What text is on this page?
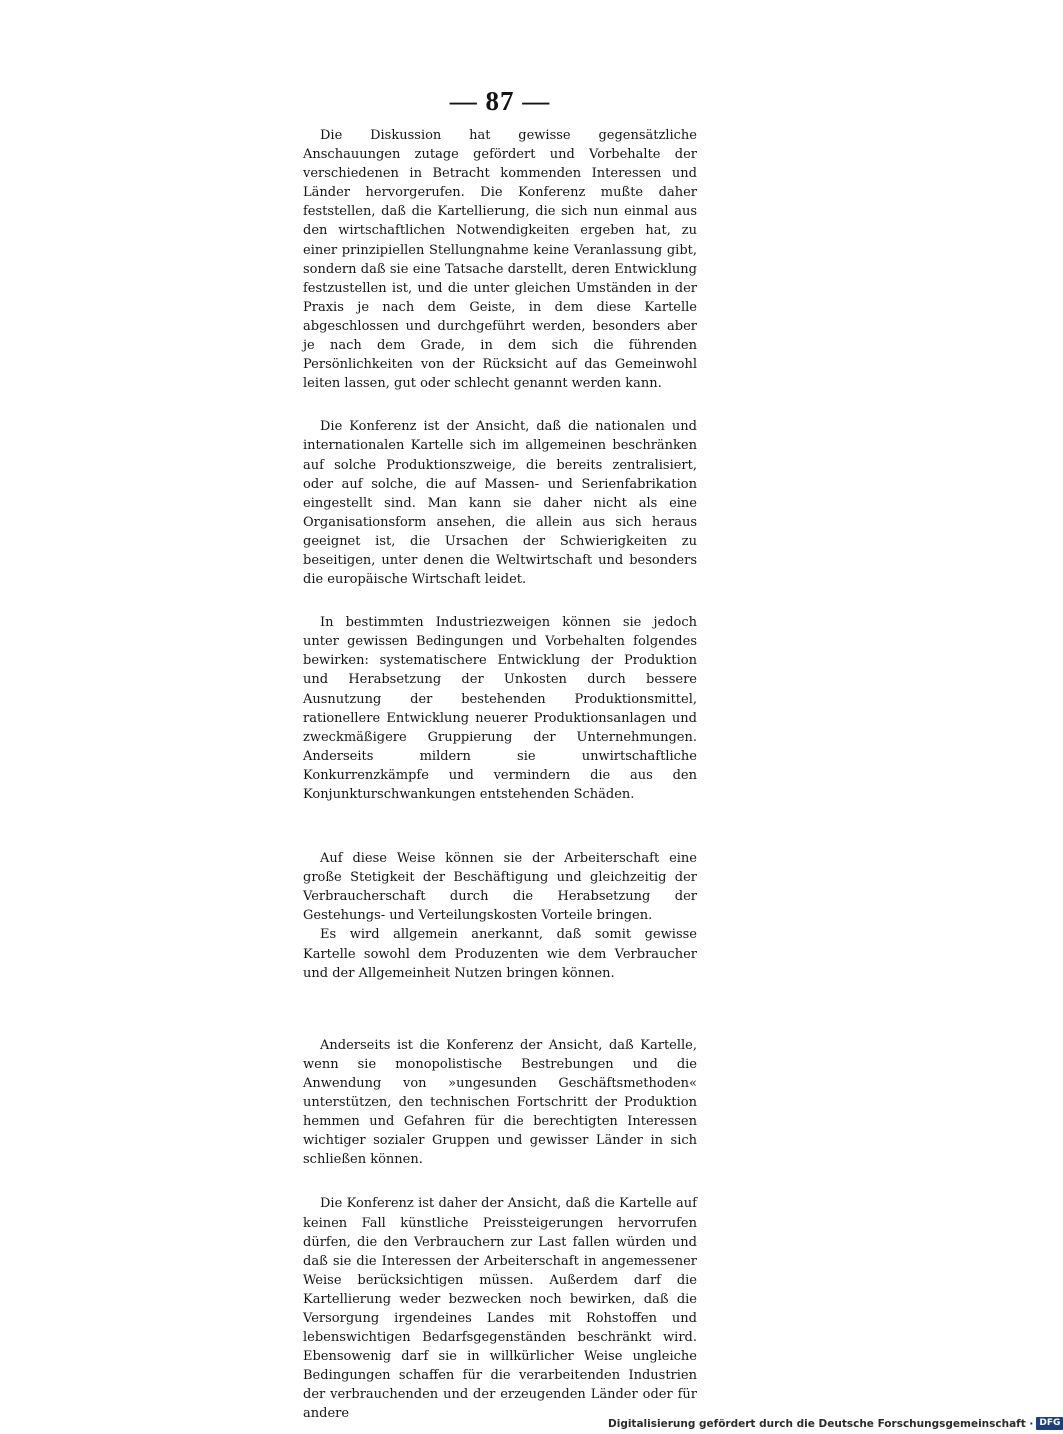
— 87 —

Die Diskussion hat gewisse gegensätzliche Anschauungen zutage gefördert und Vorbehalte der verschiedenen in Betracht kommenden Interessen und Länder hervorgerufen. Die Konferenz mußte daher feststellen, daß die Kartellierung, die sich nun einmal aus den wirtschaftlichen Notwendigkeiten ergeben hat, zu einer prinzipiellen Stellungnahme keine Veranlassung gibt, sondern daß sie eine Tatsache darstellt, deren Entwicklung festzustellen ist, und die unter gleichen Umständen in der Praxis je nach dem Geiste, in dem diese Kartelle abgeschlossen und durchgeführt werden, besonders aber je nach dem Grade, in dem sich die führenden Persönlichkeiten von der Rücksicht auf das Gemeinwohl leiten lassen, gut oder schlecht genannt werden kann.

Die Konferenz ist der Ansicht, daß die nationalen und internationalen Kartelle sich im allgemeinen beschränken auf solche Produktionszweige, die bereits zentralisiert, oder auf solche, die auf Massen- und Serienfabrikation eingestellt sind. Man kann sie daher nicht als eine Organisationsform ansehen, die allein aus sich heraus geeignet ist, die Ursachen der Schwierigkeiten zu beseitigen, unter denen die Weltwirtschaft und besonders die europäische Wirtschaft leidet.

In bestimmten Industriezweigen können sie jedoch unter gewissen Bedingungen und Vorbehalten folgendes bewirken: systematischere Entwicklung der Produktion und Herabsetzung der Unkosten durch bessere Ausnutzung der bestehenden Produktionsmittel, rationellere Entwicklung neuerer Produktionsanlagen und zweckmäßigere Gruppierung der Unternehmungen. Anderseits mildern sie unwirtschaftliche Konkurrenzkämpfe und vermindern die aus den Konjunkturschwankungen entstehenden Schäden.

Auf diese Weise können sie der Arbeiterschaft eine große Stetigkeit der Beschäftigung und gleichzeitig der Verbraucherschaft durch die Herabsetzung der Gestehungs- und Verteilungskosten Vorteile bringen.

Es wird allgemein anerkannt, daß somit gewisse Kartelle sowohl dem Produzenten wie dem Verbraucher und der Allgemeinheit Nutzen bringen können.

Anderseits ist die Konferenz der Ansicht, daß Kartelle, wenn sie monopolistische Bestrebungen und die Anwendung von »ungesunden Geschäftsmethoden« unterstützen, den technischen Fortschritt der Produktion hemmen und Gefahren für die berechtigten Interessen wichtiger sozialer Gruppen und gewisser Länder in sich schließen können.

Die Konferenz ist daher der Ansicht, daß die Kartelle auf keinen Fall künstliche Preissteigerungen hervorrufen dürfen, die den Verbrauchern zur Last fallen würden und daß sie die Interessen der Arbeiterschaft in angemessener Weise berücksichtigen müssen. Außerdem darf die Kartellierung weder bezwecken noch bewirken, daß die Versorgung irgendeines Landes mit Rohstoffen und lebenswichtigen Bedarfsgegenständen beschränkt wird. Ebensowenig darf sie in willkürlicher Weise ungleiche Bedingungen schaffen für die verarbeitenden Industrien der verbrauchenden und der erzeugenden Länder oder für andere

Digitalisierung gefördert durch die Deutsche Forschungsgemeinschaft · DFG
